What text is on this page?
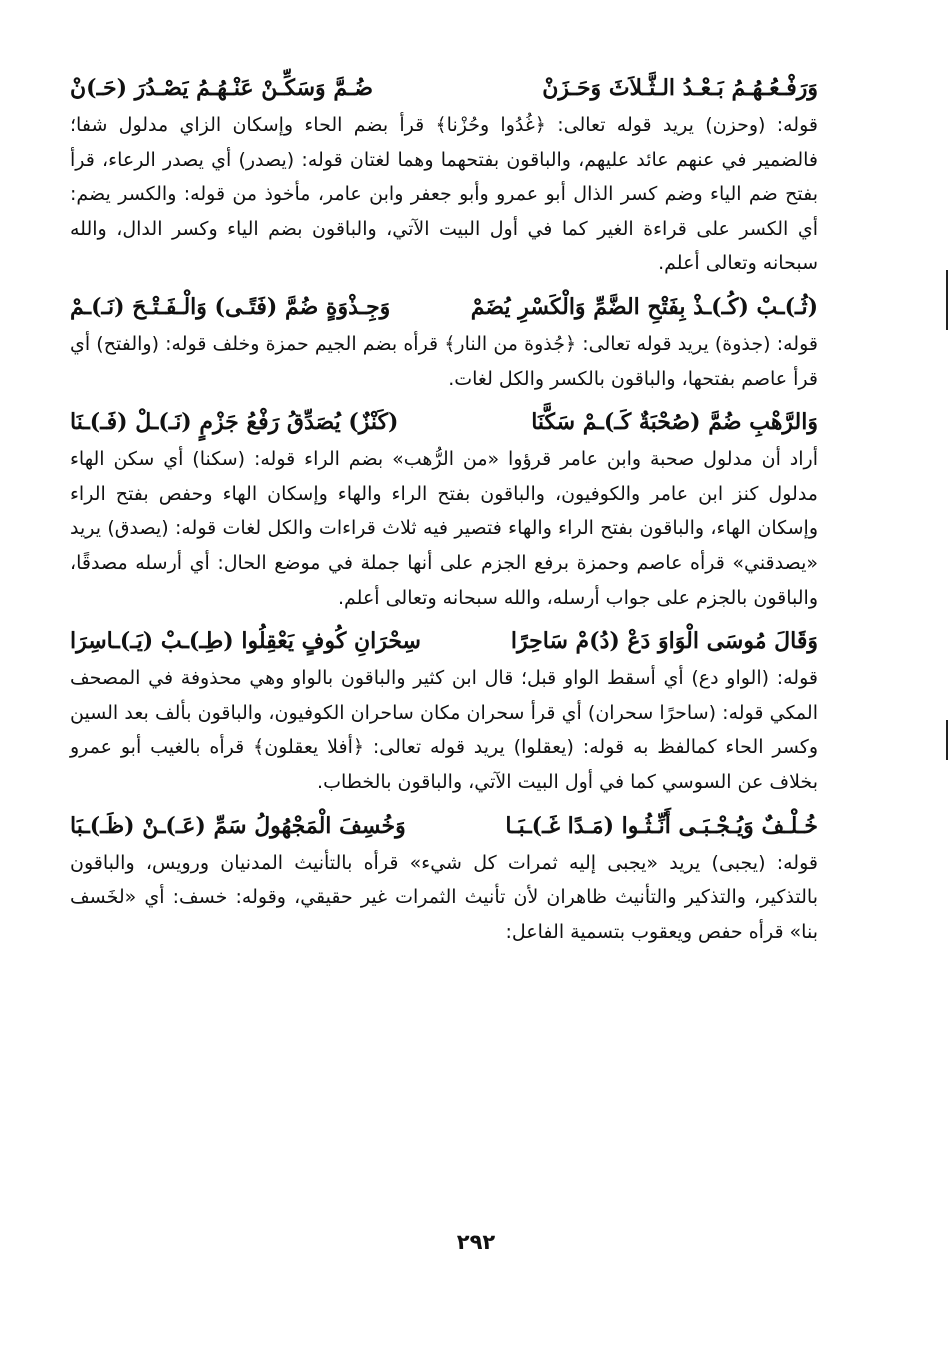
وَرَفْـعُـهُـمُ بَـعْـدُ الـثَّـلاَثَ وَحَـزَنْ
ضُـمَّ وَسَكِّـنْ عَنْـهُـمُ يَصْـدُرَ (حَـ)نْ

قوله: (وحزن) يريد قوله تعالى: ﴿غُدُوا وحُزْنا﴾ قرأ بضم الحاء وإسكان الزاي مدلول شفا؛ فالضمير في عنهم عائد عليهم، والباقون بفتحهما وهما لغتان قوله: (يصدر) أي يصدر الرعاء، قرأ بفتح ضم الياء وضم كسر الذال أبو عمرو وأبو جعفر وابن عامر، مأخوذ من قوله: والكسر يضم: أي الكسر على قراءة الغير كما في أول البيت الآتي، والباقون بضم الياء وكسر الدال، والله سبحانه وتعالى أعلم.

(ثُـ)ـبْ (كُـ)ـذْ بِفَتْحِ الضَّمِّ وَالْكَسْرِ يُضَمْ
وَجِـذْوَةٍ ضُمَّ (فَتًـى) وَالْـفَـتْـحَ (نَـ)ـمْ

قوله: (جذوة) يريد قوله تعالى: ﴿جُذوة من النار﴾ قرأه بضم الجيم حمزة وخلف قوله: (والفتح) أي قرأ عاصم بفتحها، والباقون بالكسر والكل لغات.

وَالرَّهْبِ ضُمَّ (صُحْبَةٌ كَـ)ـمْ سَكَّنَا
(كَنْزٌ) يُصَدِّقُ رَفْعُ جَزْمٍ (نَـ)ـلْ (فَـ)ـنَا

أراد أن مدلول صحبة وابن عامر قرؤوا «من الرُّهب» بضم الراء قوله: (سكنا) أي سكن الهاء مدلول كنز ابن عامر والكوفيون، والباقون بفتح الراء والهاء وإسكان الهاء وحفص بفتح الراء وإسكان الهاء، والباقون بفتح الراء والهاء فتصير فيه ثلاث قراءات والكل لغات قوله: (يصدق) يريد «يصدقني» قرأه عاصم وحمزة برفع الجزم على أنها جملة في موضع الحال: أي أرسله مصدقًا، والباقون بالجزم على جواب أرسله، والله سبحانه وتعالى أعلم.

وَقَالَ مُوسَى الْوَاوَ دَعْ (دُ)مْ سَاحِرًا
سِحْرَانِ كُوفٍ يَعْقِلُوا (طِـ)ـبْ (يَـ)ـاسِرَا

قوله: (الواو دع) أي أسقط الواو قبل؛ قال ابن كثير والباقون بالواو وهي محذوفة في المصحف المكي قوله: (ساحرًا سحران) أي قرأ سحران مكان ساحران الكوفيون، والباقون بألف بعد السين وكسر الحاء كمالفظ به قوله: (يعقلوا) يريد قوله تعالى: ﴿أفلا يعقلون﴾ قرأه بالغيب أبو عمرو بخلاف عن السوسي كما في أول البيت الآتي، والباقون بالخطاب.

خُـلْـفٌ وَيُـجْـبَـى أَنِّـثُـوا (مَـدًا غَـ)ـبَـا
وَخُسِفَ الْمَجْهُولُ سَمِّ (عَـ)ـنْ (ظَـ)ـبَا

قوله: (يجبى) يريد «يجبى إليه ثمرات كل شيء» قرأه بالتأنيث المدنيان ورويس، والباقون بالتذكير، والتذكير والتأنيث ظاهران لأن تأنيث الثمرات غير حقيقي، وقوله: خسف: أي «لخَسف بنا» قرأه حفص ويعقوب بتسمية الفاعل:

٢٩٢
